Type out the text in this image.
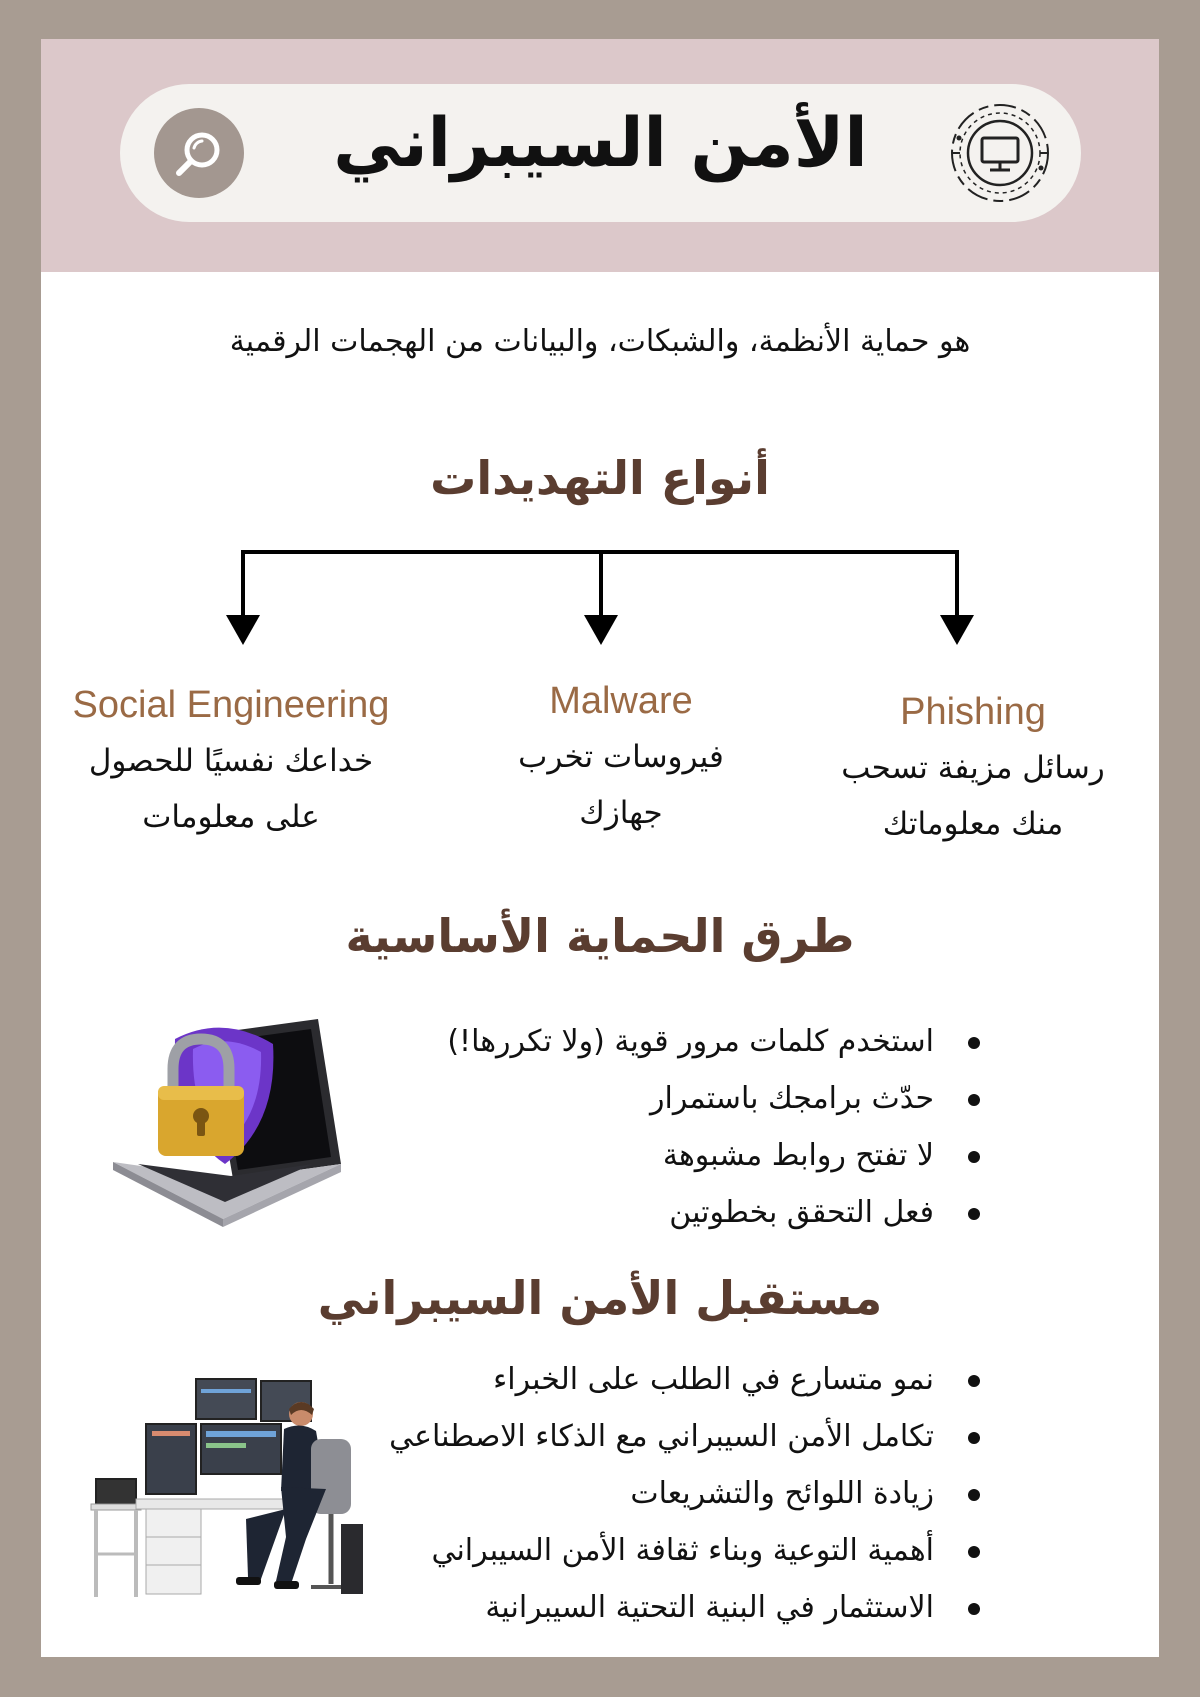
الأمن السيبراني
هو حماية الأنظمة، والشبكات، والبيانات من الهجمات الرقمية
أنواع التهديدات
Phishing
رسائل مزيفة تسحب
منك معلوماتك
Malware
فيروسات تخرب
جهازك
Social Engineering
خداعك نفسيًا للحصول
على معلومات
طرق الحماية الأساسية
استخدم كلمات مرور قوية (ولا تكررها!)
حدّث برامجك باستمرار
لا تفتح روابط مشبوهة
فعل التحقق بخطوتين
مستقبل الأمن السيبراني
نمو متسارع في الطلب على الخبراء
تكامل الأمن السيبراني مع الذكاء الاصطناعي
زيادة اللوائح والتشريعات
أهمية التوعية وبناء ثقافة الأمن السيبراني
الاستثمار في البنية التحتية السيبرانية
